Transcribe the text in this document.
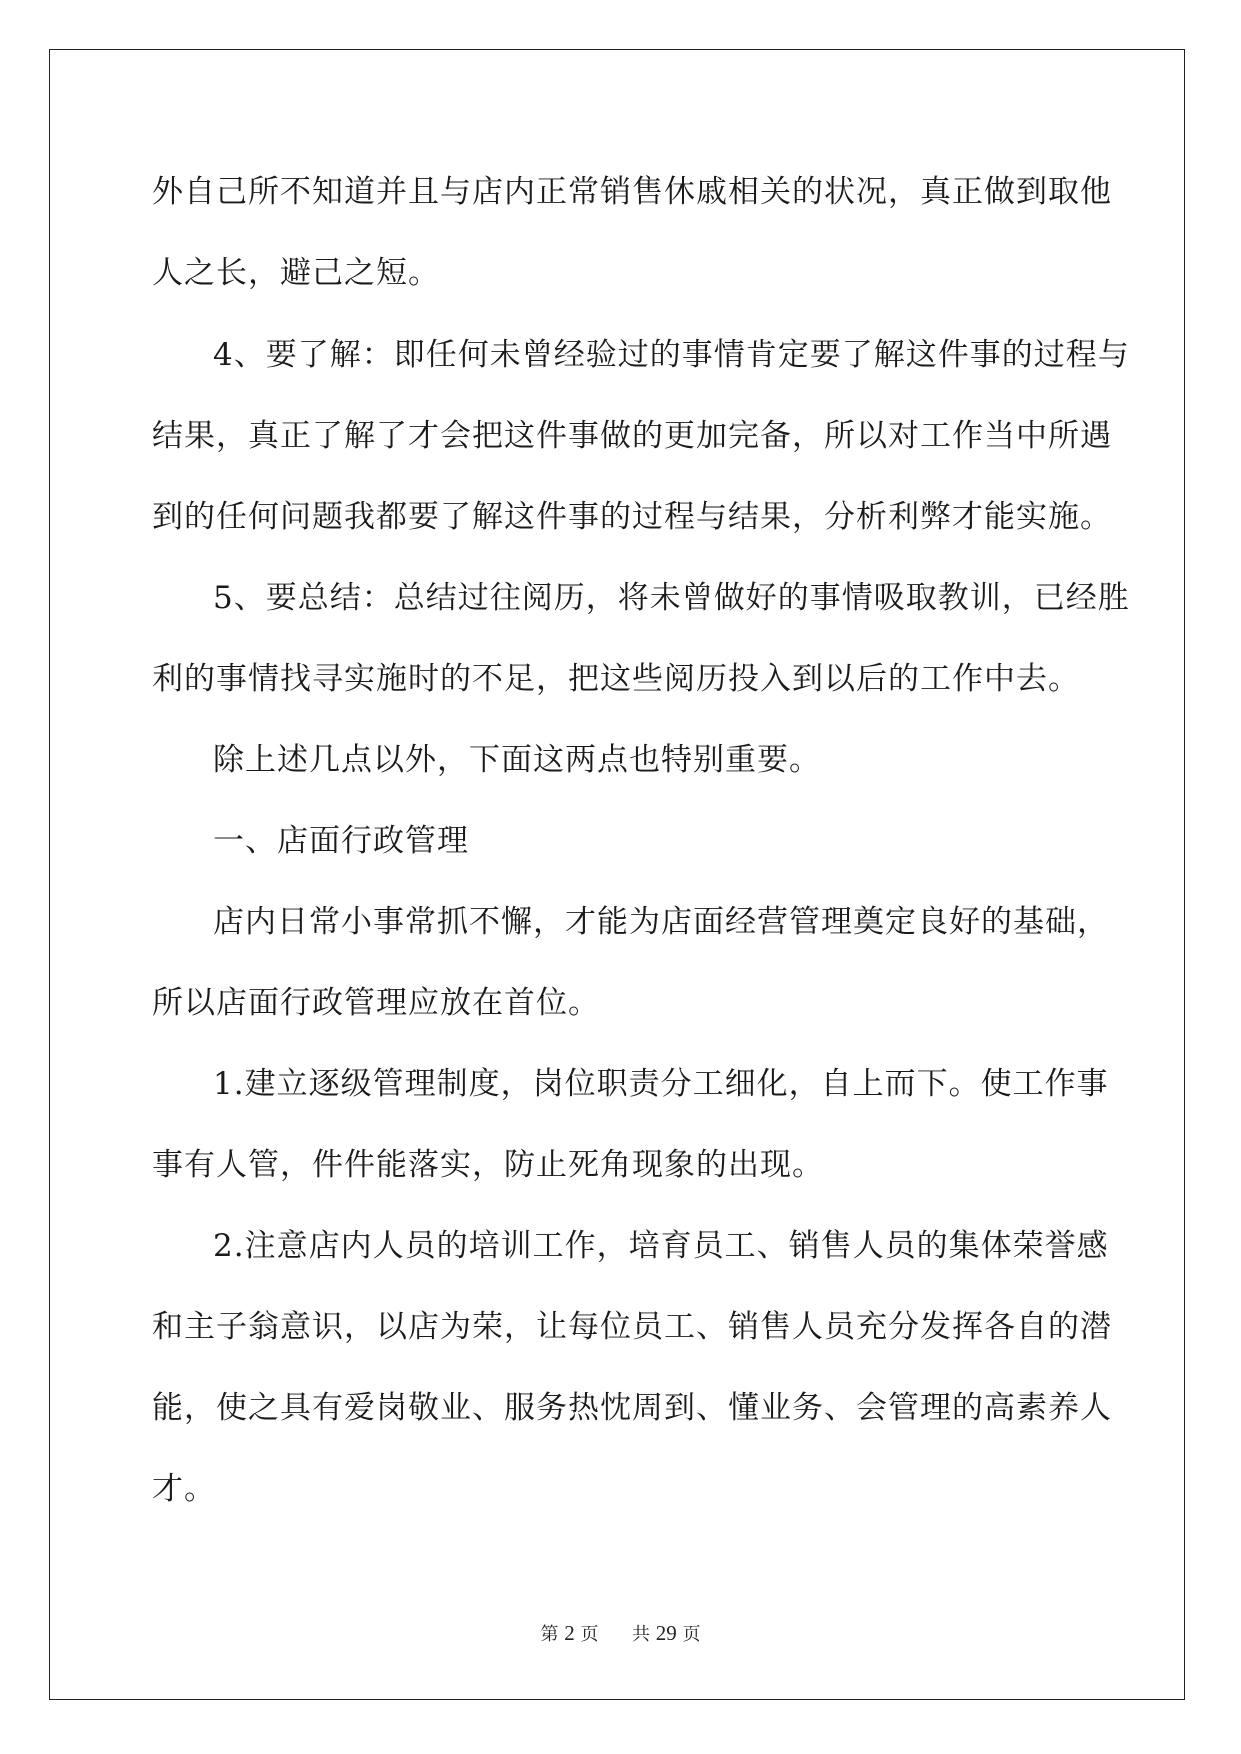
外自己所不知道并且与店内正常销售休戚相关的状况，真正做到取他
人之长，避己之短。
4、要了解：即任何未曾经验过的事情肯定要了解这件事的过程与
结果，真正了解了才会把这件事做的更加完备，所以对工作当中所遇
到的任何问题我都要了解这件事的过程与结果，分析利弊才能实施。
5、要总结：总结过往阅历，将未曾做好的事情吸取教训，已经胜
利的事情找寻实施时的不足，把这些阅历投入到以后的工作中去。
除上述几点以外，下面这两点也特别重要。
一、店面行政管理
店内日常小事常抓不懈，才能为店面经营管理奠定良好的基础，
所以店面行政管理应放在首位。
1.建立逐级管理制度，岗位职责分工细化，自上而下。使工作事
事有人管，件件能落实，防止死角现象的出现。
2.注意店内人员的培训工作，培育员工、销售人员的集体荣誉感
和主子翁意识，以店为荣，让每位员工、销售人员充分发挥各自的潜
能，使之具有爱岗敬业、服务热忱周到、懂业务、会管理的高素养人
才。
第 2 页 共 29 页
